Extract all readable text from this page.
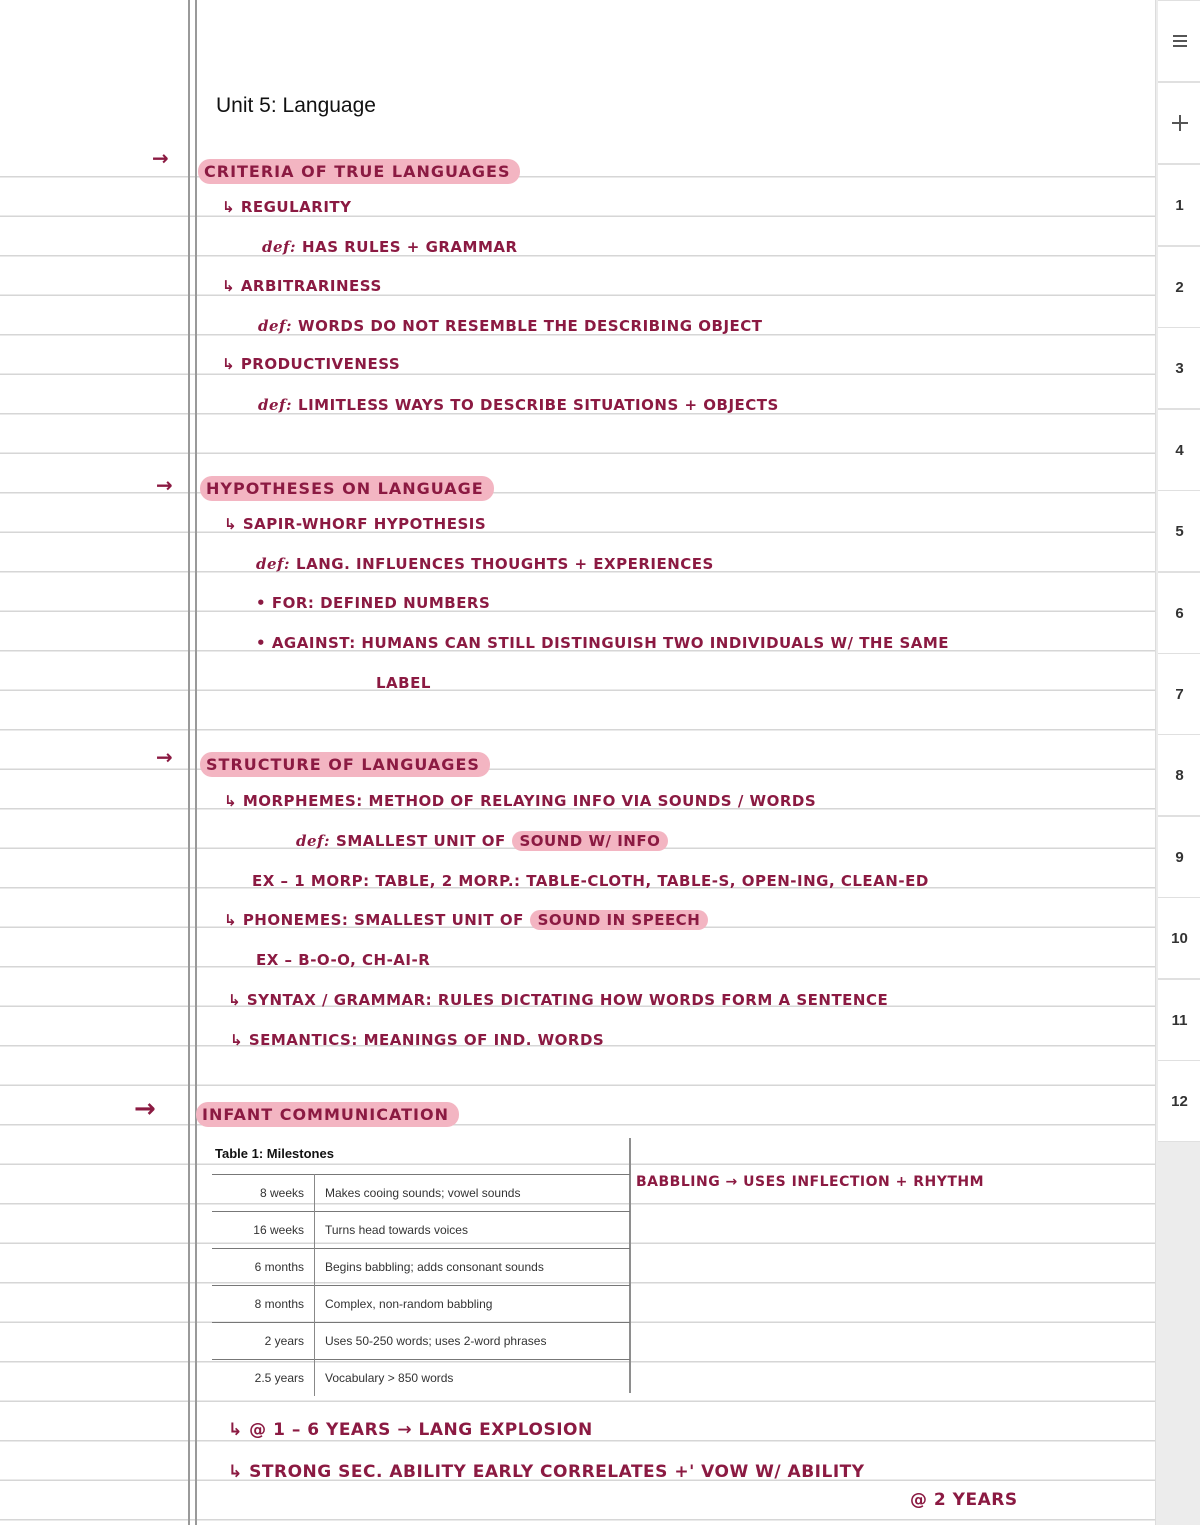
Unit 5: Language
→
CRITERIA OF TRUE LANGUAGES
↳ REGULARITY
def: HAS RULES + GRAMMAR
↳ ARBITRARINESS
def: WORDS DO NOT RESEMBLE THE DESCRIBING OBJECT
↳ PRODUCTIVENESS
def: LIMITLESS WAYS TO DESCRIBE SITUATIONS + OBJECTS
→	HYPOTHESES ON LANGUAGE
↳ SAPIR-WHORF HYPOTHESIS
def: LANG. INFLUENCES THOUGHTS + EXPERIENCES
• FOR: DEFINED NUMBERS
• AGAINST: HUMANS CAN STILL DISTINGUISH TWO INDIVIDUALS W/ THE SAME
LABEL
→	STRUCTURE OF LANGUAGES
↳ MORPHEMES: METHOD OF RELAYING INFO VIA SOUNDS / WORDS
def: SMALLEST UNIT OF SOUND W/ INFO
EX – 1 MORP: TABLE, 2 MORP.: TABLE-CLOTH, TABLE-S, OPEN-ING, CLEAN-ED
↳ PHONEMES: SMALLEST UNIT OF SOUND IN SPEECH
EX – B-O-O, CH-AI-R
↳ SYNTAX / GRAMMAR: RULES DICTATING HOW WORDS FORM A SENTENCE
↳ SEMANTICS: MEANINGS OF IND. WORDS
→	INFANT COMMUNICATION
Table 1: Milestones
8 weeks	Makes cooing sounds; vowel sounds
16 weeks	Turns head towards voices
6 months	Begins babbling; adds consonant sounds
8 months	Complex, non-random babbling
2 years	Uses 50-250 words; uses 2-word phrases
2.5 years	Vocabulary > 850 words
BABBLING → USES INFLECTION + RHYTHM
↳ @ 1 – 6 YEARS → LANG EXPLOSION
↳ STRONG SEC. ABILITY EARLY CORRELATES +' VOW W/ ABILITY
@ 2 YEARS
1
2
3
4
5
6
7
8
9
10
11
12
